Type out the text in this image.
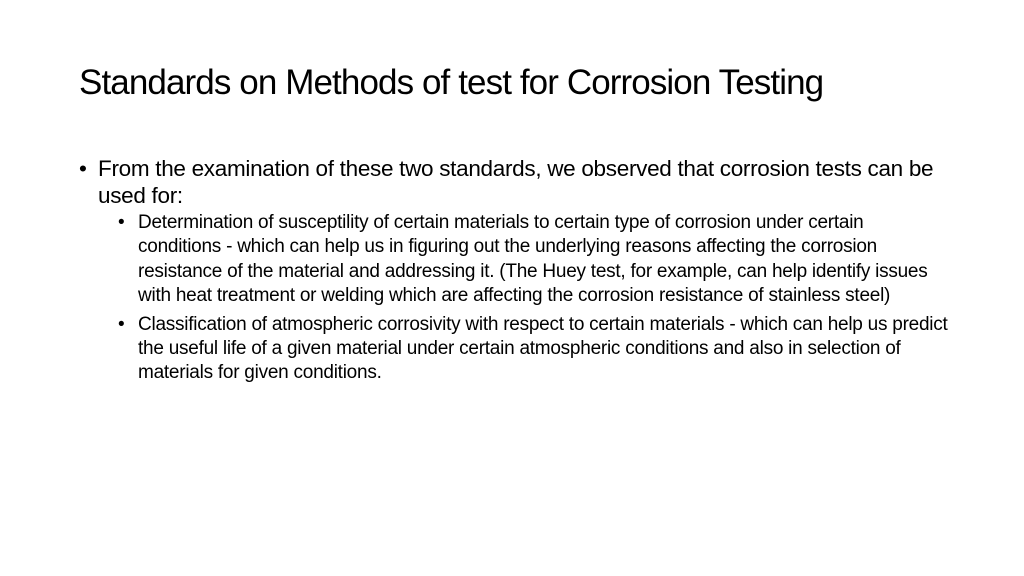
Standards on Methods of test for Corrosion Testing
• From the examination of these two standards, we observed that corrosion tests can be used for:
• Determination of susceptility of certain materials to certain type of corrosion under certain conditions - which can help us in figuring out the underlying reasons affecting the corrosion resistance of the material and addressing it. (The Huey test, for example, can help identify issues with heat treatment or welding which are affecting the corrosion resistance of stainless steel)
• Classification of atmospheric corrosivity with respect to certain materials - which can help us predict the useful life of a given material under certain atmospheric conditions and also in selection of materials for given conditions.
